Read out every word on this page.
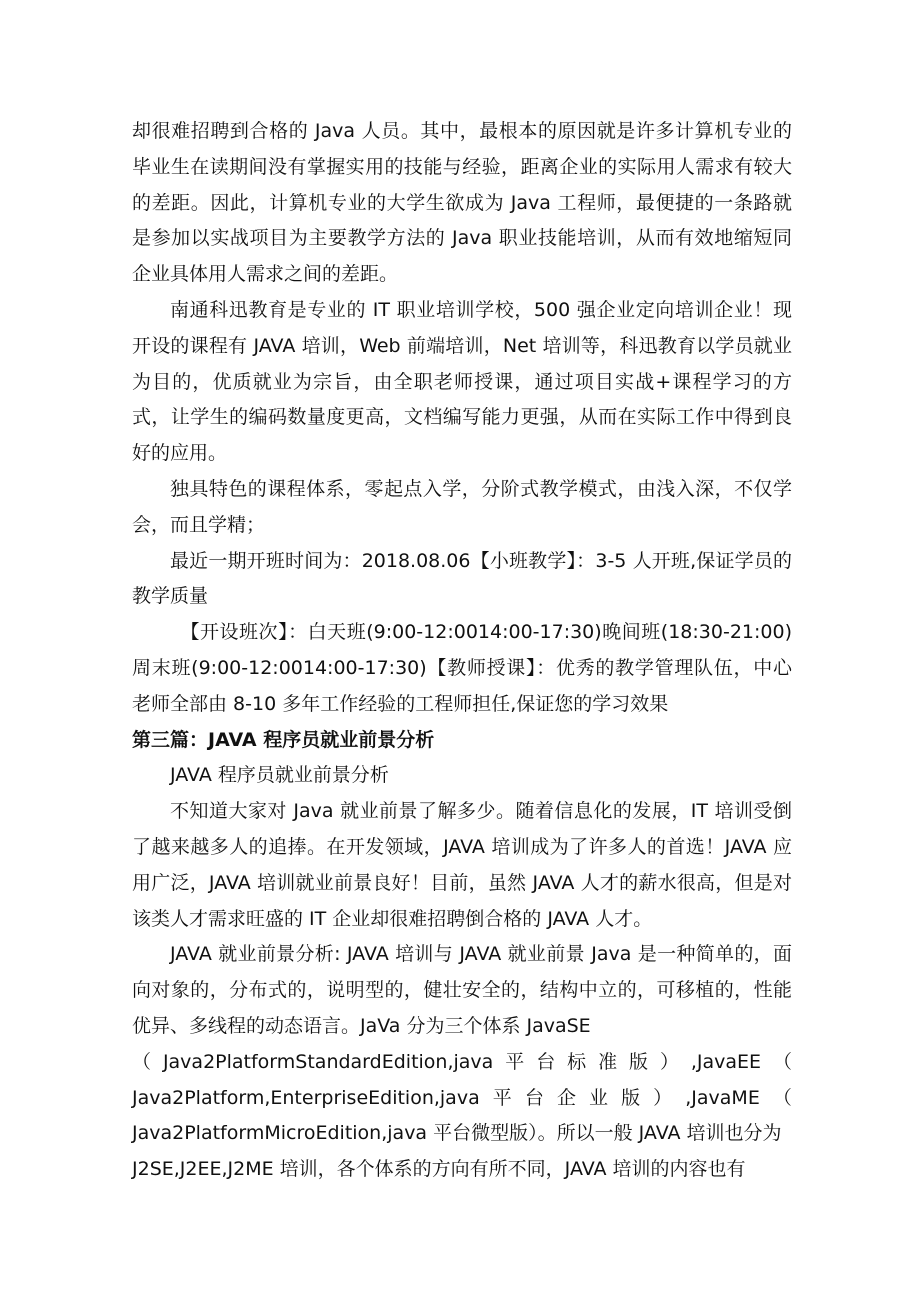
却很难招聘到合格的 Java 人员。其中，最根本的原因就是许多计算机专业的毕业生在读期间没有掌握实用的技能与经验，距离企业的实际用人需求有较大的差距。因此，计算机专业的大学生欲成为 Java 工程师，最便捷的一条路就是参加以实战项目为主要教学方法的 Java 职业技能培训，从而有效地缩短同企业具体用人需求之间的差距。

南通科迅教育是专业的 IT 职业培训学校，500 强企业定向培训企业！现开设的课程有 JAVA 培训，Web 前端培训，Net 培训等，科迅教育以学员就业为目的，优质就业为宗旨，由全职老师授课，通过项目实战+课程学习的方式，让学生的编码数量度更高，文档编写能力更强，从而在实际工作中得到良好的应用。

独具特色的课程体系，零起点入学，分阶式教学模式，由浅入深，不仅学会，而且学精；

最近一期开班时间为：2018.08.06【小班教学】：3-5 人开班,保证学员的教学质量

【开设班次】：白天班(9:00-12:0014:00-17:30)晚间班(18:30-21:00)周末班(9:00-12:0014:00-17:30)【教师授课】：优秀的教学管理队伍，中心老师全部由 8-10 多年工作经验的工程师担任,保证您的学习效果

第三篇：JAVA 程序员就业前景分析

JAVA 程序员就业前景分析

不知道大家对 Java 就业前景了解多少。随着信息化的发展，IT 培训受倒了越来越多人的追捧。在开发领域，JAVA 培训成为了许多人的首选！JAVA 应用广泛，JAVA 培训就业前景良好！目前，虽然 JAVA 人才的薪水很高，但是对该类人才需求旺盛的 IT 企业却很难招聘倒合格的 JAVA 人才。

JAVA 就业前景分析: JAVA 培训与 JAVA 就业前景 Java 是一种简单的，面向对象的，分布式的，说明型的，健壮安全的，结构中立的，可移植的，性能优异、多线程的动态语言。JaVa 分为三个体系 JavaSE

（ Java2PlatformStandardEdition,java 平 台 标 准 版 ） ,JavaEE （
Java2Platform,EnterpriseEdition,java 平 台 企 业 版 ） ,JavaME （
Java2PlatformMicroEdition,java 平台微型版）。所以一般 JAVA 培训也分为
J2SE,J2EE,J2ME 培训，各个体系的方向有所不同，JAVA 培训的内容也有
